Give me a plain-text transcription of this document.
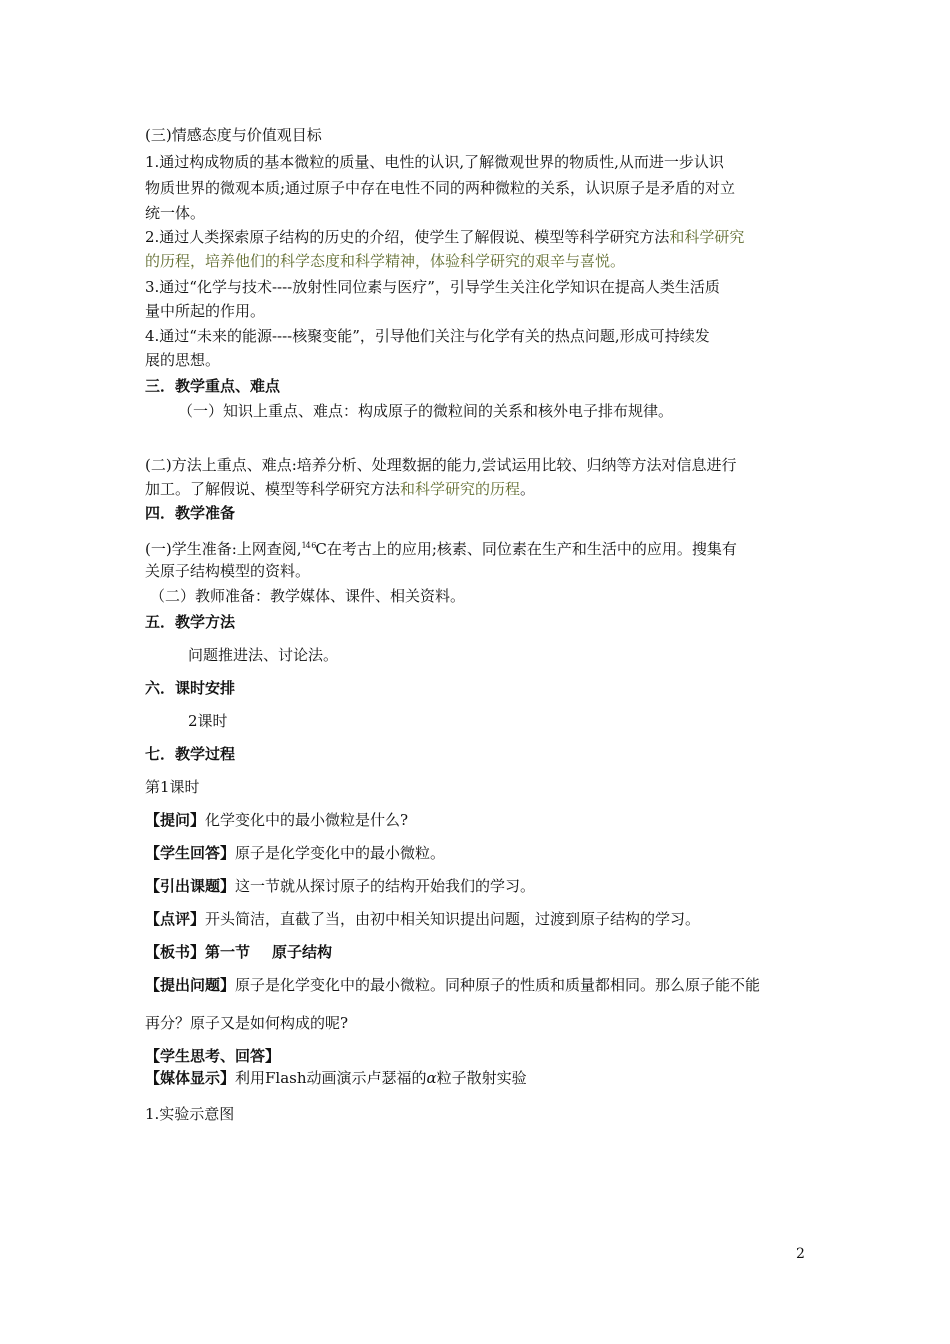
(三)情感态度与价值观目标
1.通过构成物质的基本微粒的质量、电性的认识,了解微观世界的物质性,从而进一步认识
物质世界的微观本质;通过原子中存在电性不同的两种微粒的关系，认识原子是矛盾的对立
统一体。
2.通过人类探索原子结构的历史的介绍，使学生了解假说、模型等科学研究方法和科学研究
的历程，培养他们的科学态度和科学精神，体验科学研究的艰辛与喜悦。
3.通过“化学与技术----放射性同位素与医疗”，引导学生关注化学知识在提高人类生活质
量中所起的作用。
4.通过“未来的能源----核聚变能”，引导他们关注与化学有关的热点问题,形成可持续发
展的思想。
三．教学重点、难点
（一）知识上重点、难点：构成原子的微粒间的关系和核外电子排布规律。
(二)方法上重点、难点:培养分析、处理数据的能力,尝试运用比较、归纳等方法对信息进行
加工。了解假说、模型等科学研究方法和科学研究的历程。
四．教学准备
(一)学生准备:上网查阅,$^{14 6}$C在考古上的应用;核素、同位素在生产和生活中的应用。搜集有
关原子结构模型的资料。
（二）教师准备：教学媒体、课件、相关资料。
五．教学方法
问题推进法、讨论法。
六．课时安排
2课时
七．教学过程
第1课时
【提问】化学变化中的最小微粒是什么?
【学生回答】原子是化学变化中的最小微粒。
【引出课题】这一节就从探讨原子的结构开始我们的学习。
【点评】开头简洁，直截了当，由初中相关知识提出问题，过渡到原子结构的学习。
【板书】第一节 原子结构
【提出问题】原子是化学变化中的最小微粒。同种原子的性质和质量都相同。那么原子能不能
再分？原子又是如何构成的呢?
【学生思考、回答】
【媒体显示】利用Flash动画演示卢瑟福的α粒子散射实验
1.实验示意图
2
